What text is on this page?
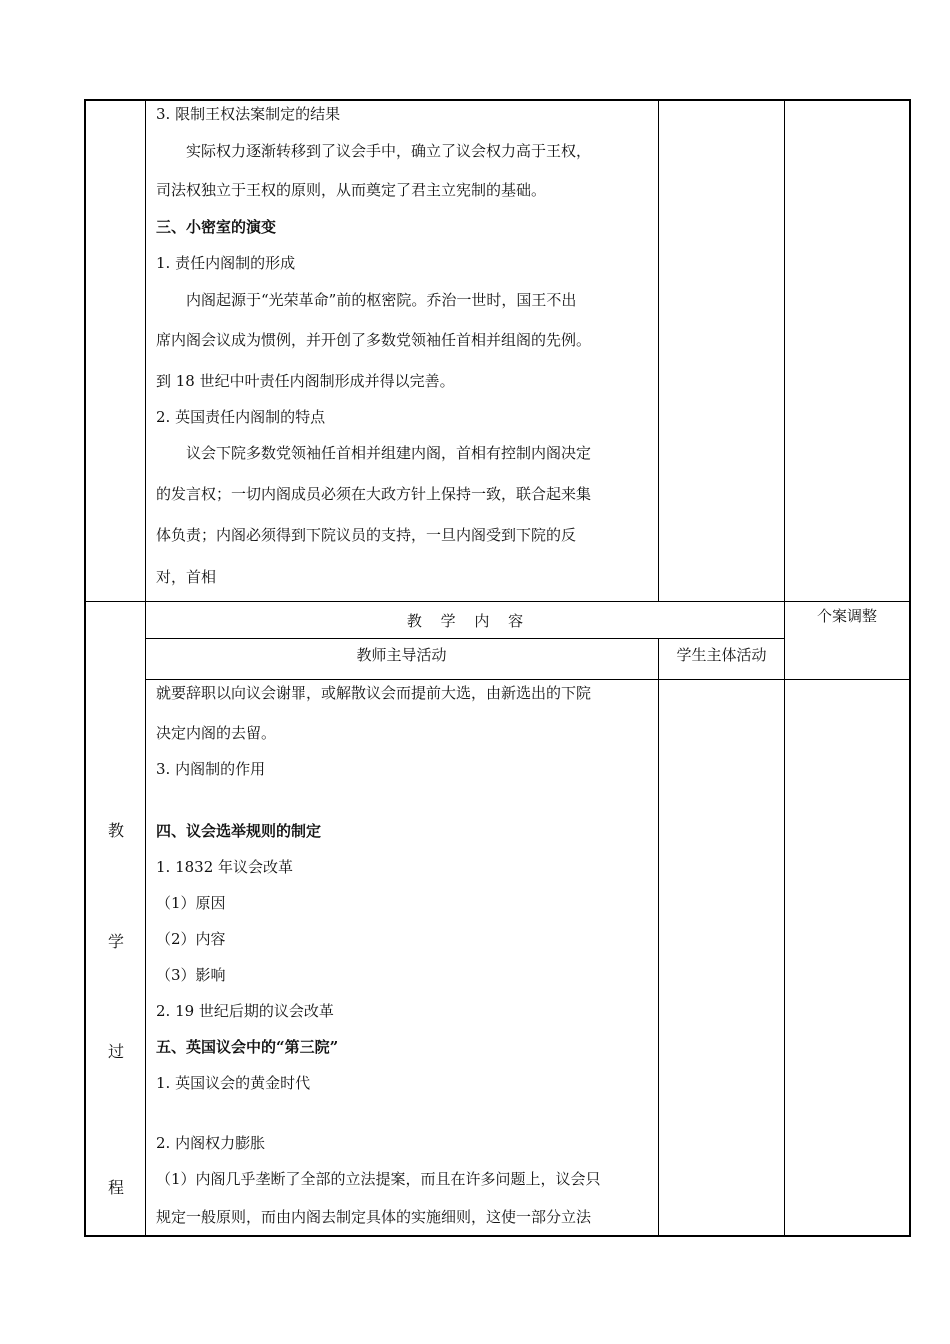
3. 限制王权法案制定的结果
实际权力逐渐转移到了议会手中，确立了议会权力高于王权，
司法权独立于王权的原则，从而奠定了君主立宪制的基础。
三、小密室的演变
1. 责任内阁制的形成
内阁起源于“光荣革命”前的枢密院。乔治一世时，国王不出
席内阁会议成为惯例，并开创了多数党领袖任首相并组阁的先例。
到 18 世纪中叶责任内阁制形成并得以完善。
2. 英国责任内阁制的特点
议会下院多数党领袖任首相并组建内阁，首相有控制内阁决定
的发言权；一切内阁成员必须在大政方针上保持一致，联合起来集
体负责；内阁必须得到下院议员的支持，一旦内阁受到下院的反
对，首相
教 学 内 容	个案调整
教师主导活动	学生主体活动
教
学
过
程
就要辞职以向议会谢罪，或解散议会而提前大选，由新选出的下院
决定内阁的去留。
3. 内阁制的作用
四、议会选举规则的制定
1. 1832 年议会改革
（1）原因
（2）内容
（3）影响
2. 19 世纪后期的议会改革
五、英国议会中的“第三院”
1. 英国议会的黄金时代
2. 内阁权力膨胀
（1）内阁几乎垄断了全部的立法提案，而且在许多问题上，议会只
规定一般原则，而由内阁去制定具体的实施细则，这使一部分立法
